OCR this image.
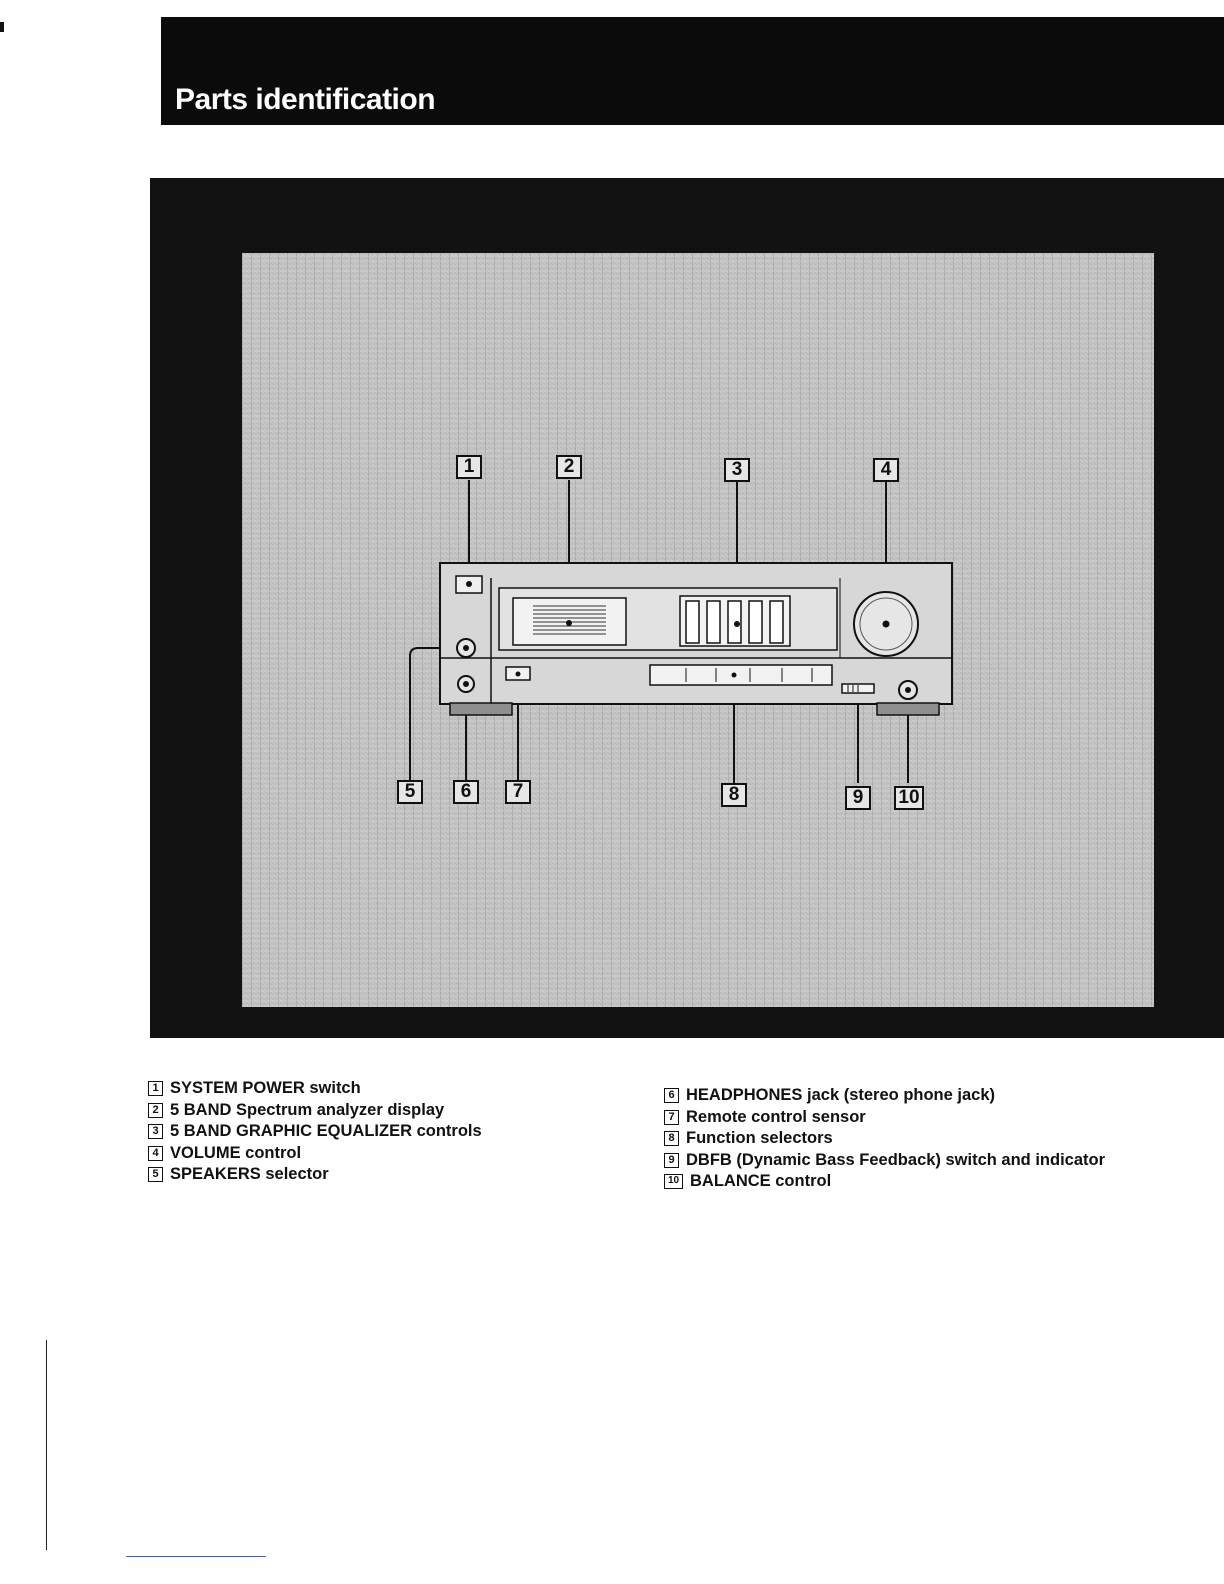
Parts identification
1	2	3	4
5	6	7	8	9	10
1 SYSTEM POWER switch
2 5 BAND Spectrum analyzer display
3 5 BAND GRAPHIC EQUALIZER controls
4 VOLUME control
5 SPEAKERS selector
6 HEADPHONES jack (stereo phone jack)
7 Remote control sensor
8 Function selectors
9 DBFB (Dynamic Bass Feedback) switch and indicator
10 BALANCE control
